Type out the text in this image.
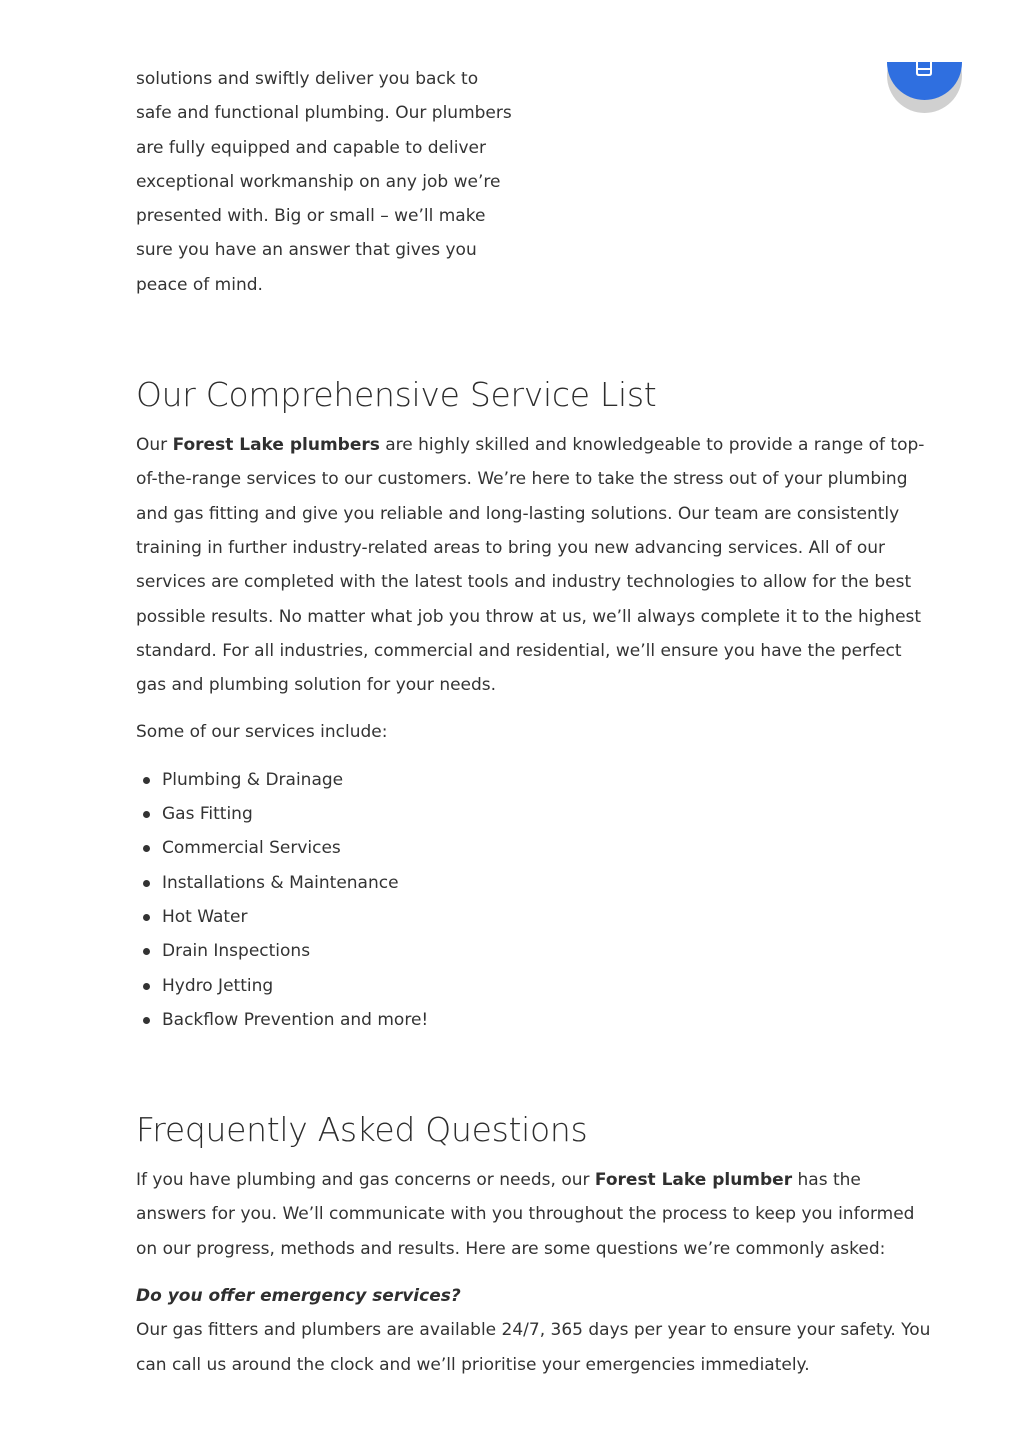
solutions and swiftly deliver you back to safe and functional plumbing. Our plumbers are fully equipped and capable to deliver exceptional workmanship on any job we’re presented with. Big or small – we’ll make sure you have an answer that gives you peace of mind.

Our Comprehensive Service List

Our Forest Lake plumbers are highly skilled and knowledgeable to provide a range of top-of-the-range services to our customers. We’re here to take the stress out of your plumbing and gas fitting and give you reliable and long-lasting solutions. Our team are consistently training in further industry-related areas to bring you new advancing services. All of our services are completed with the latest tools and industry technologies to allow for the best possible results. No matter what job you throw at us, we’ll always complete it to the highest standard. For all industries, commercial and residential, we’ll ensure you have the perfect gas and plumbing solution for your needs.

Some of our services include:

Plumbing & Drainage
Gas Fitting
Commercial Services
Installations & Maintenance
Hot Water
Drain Inspections
Hydro Jetting
Backflow Prevention and more!
Frequently Asked Questions

If you have plumbing and gas concerns or needs, our Forest Lake plumber has the answers for you. We’ll communicate with you throughout the process to keep you informed on our progress, methods and results. Here are some questions we’re commonly asked:

Do you offer emergency services?

Our gas fitters and plumbers are available 24/7, 365 days per year to ensure your safety. You can call us around the clock and we’ll prioritise your emergencies immediately.
